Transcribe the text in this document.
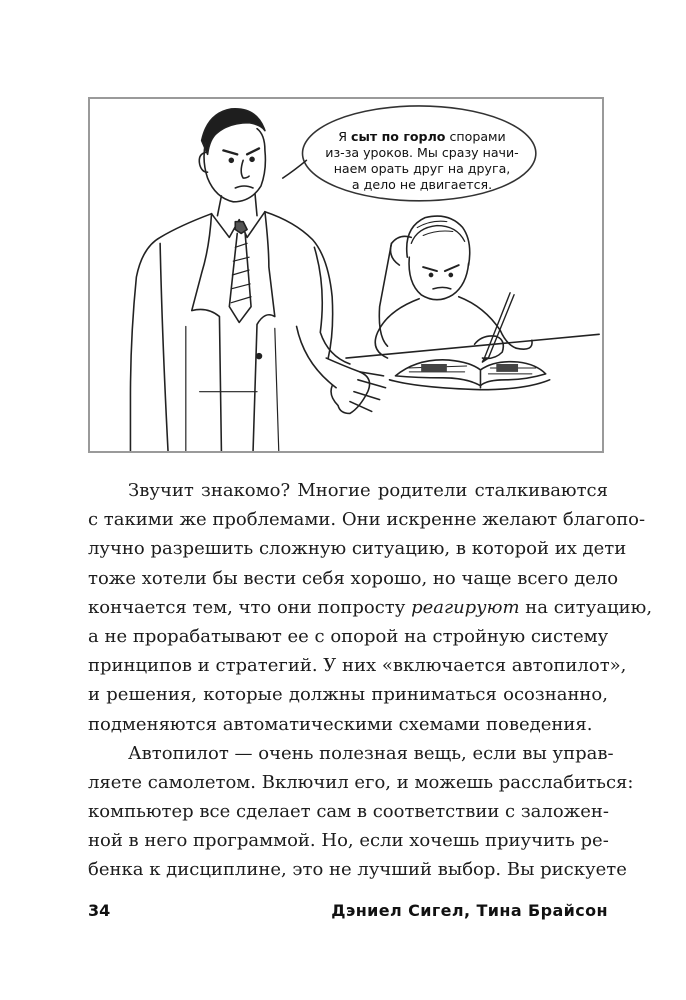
Я сыт по горло спорами
из-за уроков. Мы сразу начи-
наем орать друг на друга,
а дело не двигается.
Звучит знакомо? Многие родители сталкиваются
с такими же проблемами. Они искренне желают благопо-
лучно разрешить сложную ситуацию, в которой их дети
тоже хотели бы вести себя хорошо, но чаще всего дело
кончается тем, что они попросту реагируют на ситуацию,
а не прорабатывают ее с опорой на стройную систему
принципов и стратегий. У них «включается автопилот»,
и решения, которые должны приниматься осознанно,
подменяются автоматическими схемами поведения.
Автопилот — очень полезная вещь, если вы управ-
ляете самолетом. Включил его, и можешь расслабиться:
компьютер все сделает сам в соответствии с заложен-
ной в него программой. Но, если хочешь приучить ре-
бенка к дисциплине, это не лучший выбор. Вы рискуете
34	Дэниел Сигел, Тина Брайсон
